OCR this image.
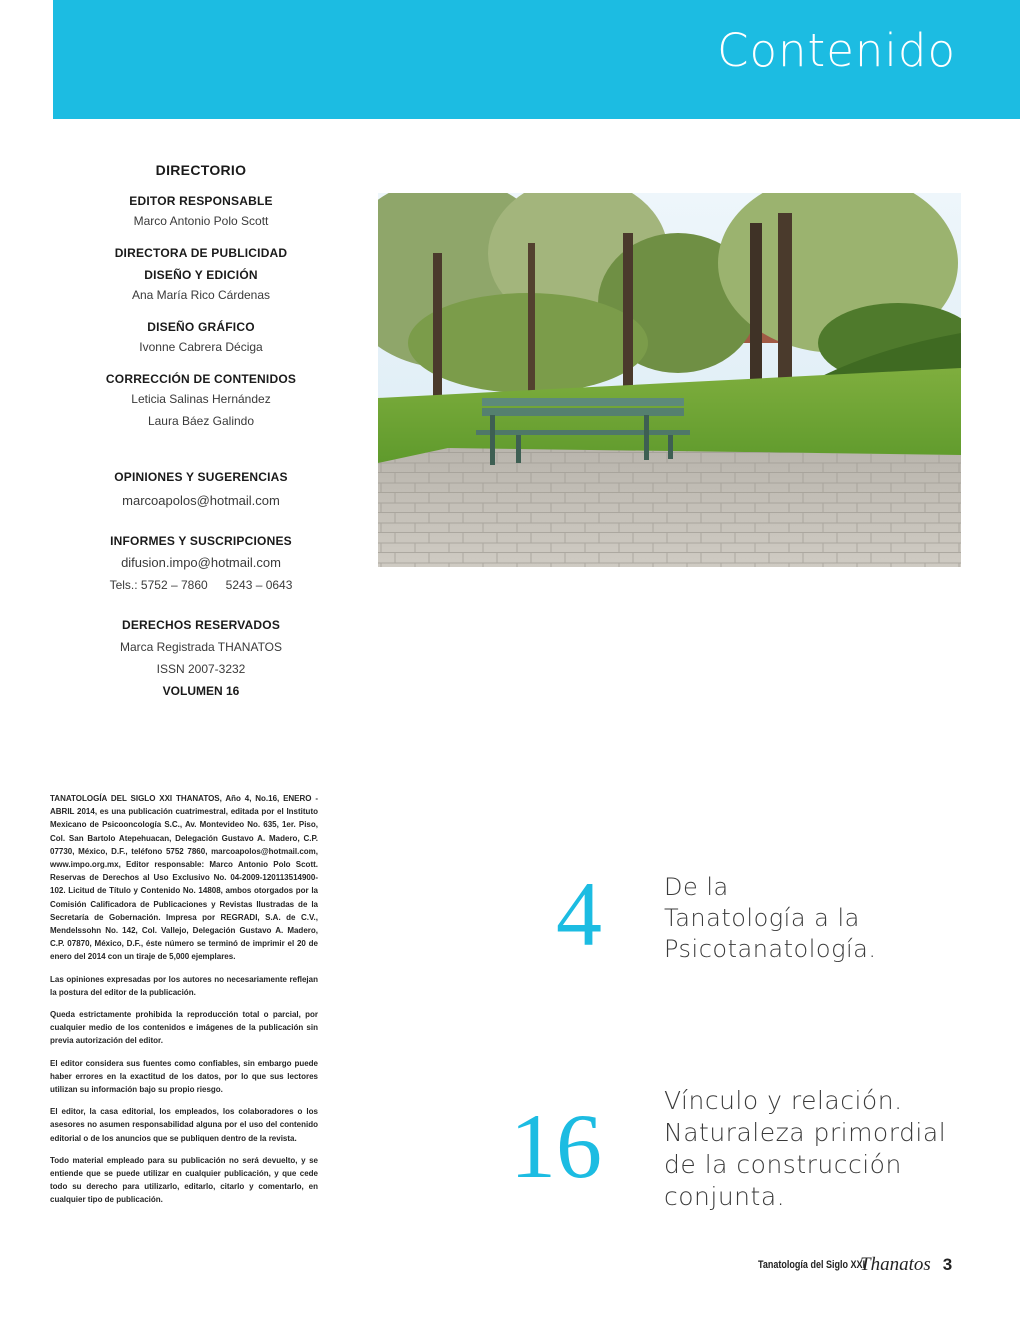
Contenido
DIRECTORIO
EDITOR RESPONSABLE
Marco Antonio Polo Scott
DIRECTORA DE PUBLICIDAD
DISEÑO Y EDICIÓN
Ana María Rico Cárdenas
DISEÑO GRÁFICO
Ivonne Cabrera Déciga
CORRECCIÓN DE CONTENIDOS
Leticia Salinas Hernández
Laura Báez Galindo
OPINIONES Y SUGERENCIAS
marcoapolos@hotmail.com
INFORMES Y SUSCRIPCIONES
difusion.impo@hotmail.com
Tels.: 5752 – 7860 5243 – 0643
DERECHOS RESERVADOS
Marca Registrada THANATOS
ISSN 2007-3232
VOLUMEN 16

TANATOLOGÍA DEL SIGLO XXI THANATOS, Año 4, No.16, ENERO - ABRIL 2014, es una publicación cuatrimestral, editada por el Instituto Mexicano de Psicooncología S.C., Av. Montevideo No. 635, 1er. Piso, Col. San Bartolo Atepehuacan, Delegación Gustavo A. Madero, C.P. 07730, México, D.F., teléfono 5752 7860, marcoapolos@hotmail.com, www.impo.org.mx, Editor responsable: Marco Antonio Polo Scott. Reservas de Derechos al Uso Exclusivo No. 04-2009-120113514900-102. Licitud de Título y Contenido No. 14808, ambos otorgados por la Comisión Calificadora de Publicaciones y Revistas Ilustradas de la Secretaría de Gobernación. Impresa por REGRADI, S.A. de C.V., Mendelssohn No. 142, Col. Vallejo, Delegación Gustavo A. Madero, C.P. 07870, México, D.F., éste número se terminó de imprimir el 20 de enero del 2014 con un tiraje de 5,000 ejemplares.

Las opiniones expresadas por los autores no necesariamente reflejan la postura del editor de la publicación.

Queda estrictamente prohibida la reproducción total o parcial, por cualquier medio de los contenidos e imágenes de la publicación sin previa autorización del editor.

El editor considera sus fuentes como confiables, sin embargo puede haber errores en la exactitud de los datos, por lo que sus lectores utilizan su información bajo su propio riesgo.

El editor, la casa editorial, los empleados, los colaboradores o los asesores no asumen responsabilidad alguna por el uso del contenido editorial o de los anuncios que se publiquen dentro de la revista.

Todo material empleado para su publicación no será devuelto, y se entiende que se puede utilizar en cualquier publicación, y que cede todo su derecho para utilizarlo, editarlo, citarlo y comentarlo, en cualquier tipo de publicación.

4	De la
Tanatología a la
Psicotanatología.
16 Vínculo y relación.
Naturaleza primordial
de la construcción
conjunta.
Tanatología del Siglo XXI
Thanatos 3
